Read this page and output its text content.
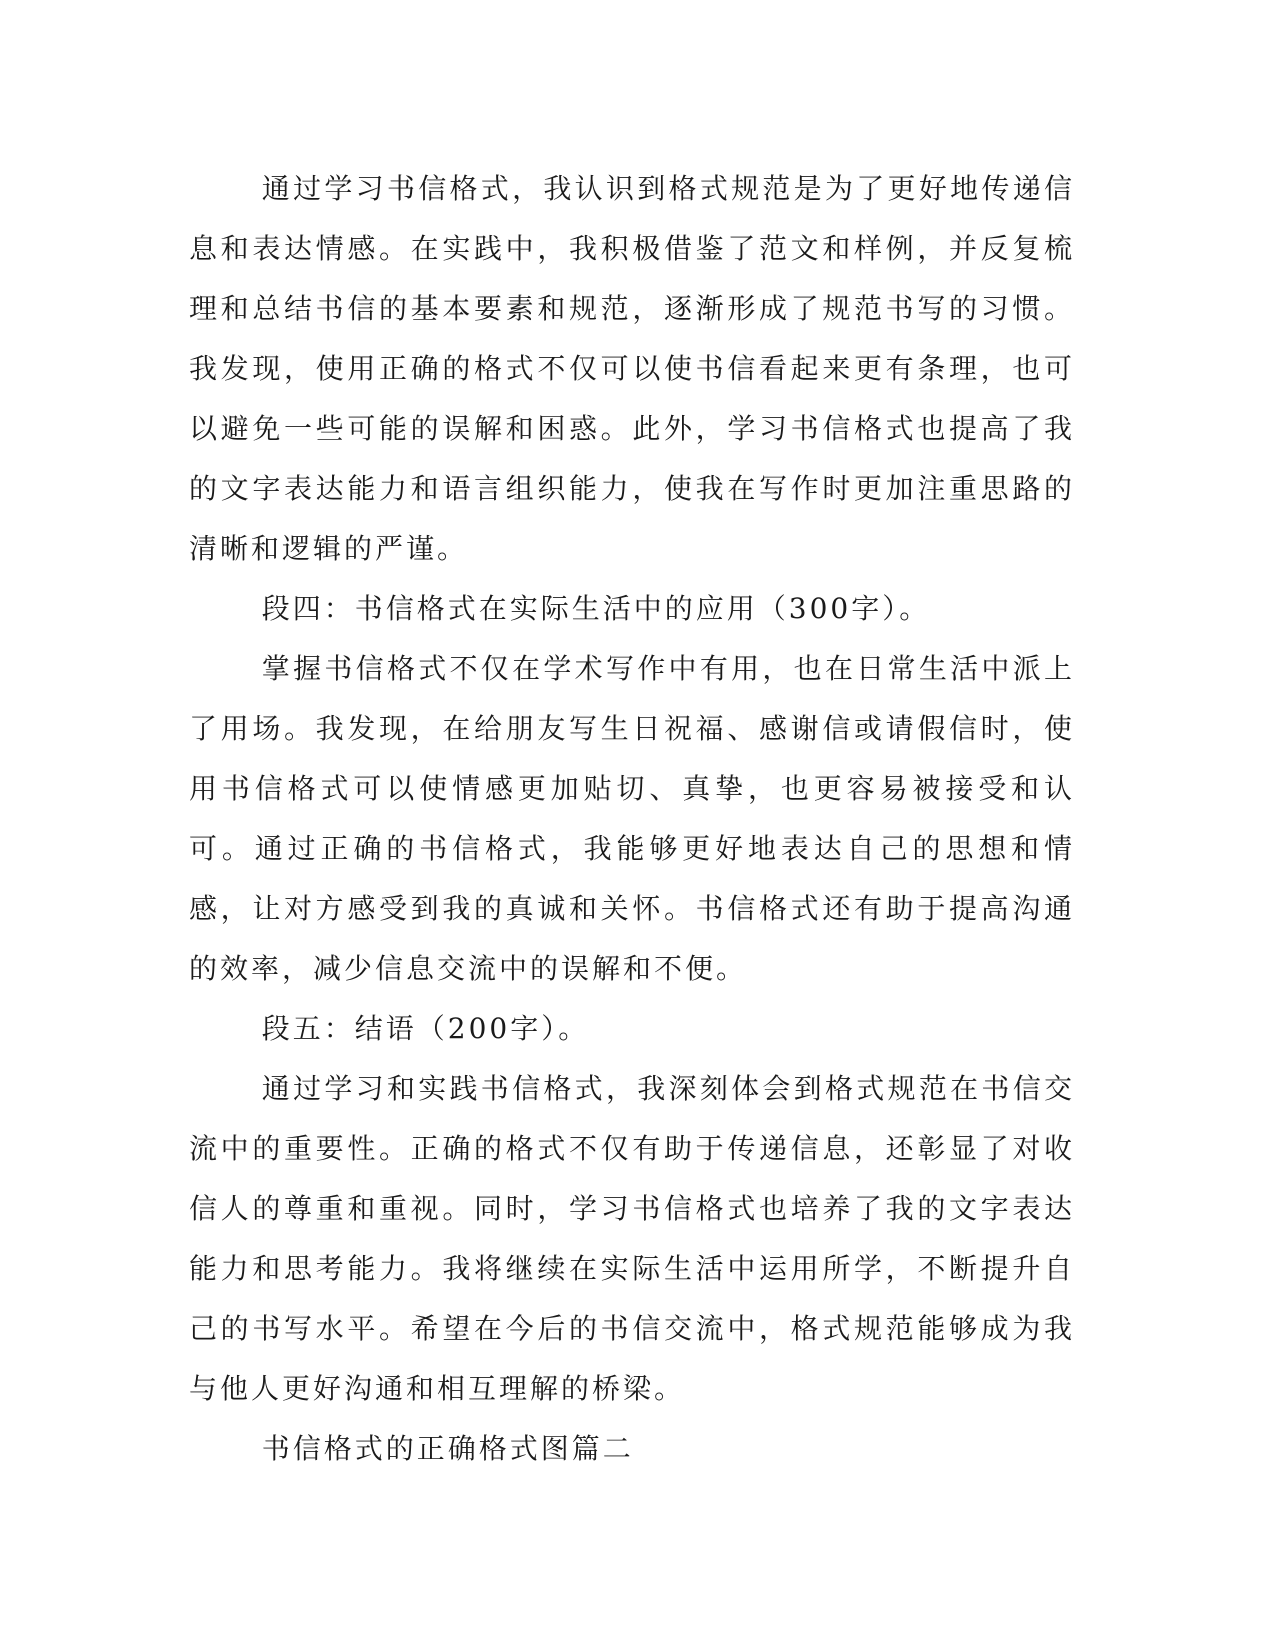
通过学习书信格式，我认识到格式规范是为了更好地传递信息和表达情感。在实践中，我积极借鉴了范文和样例，并反复梳理和总结书信的基本要素和规范，逐渐形成了规范书写的习惯。我发现，使用正确的格式不仅可以使书信看起来更有条理，也可以避免一些可能的误解和困惑。此外，学习书信格式也提高了我的文字表达能力和语言组织能力，使我在写作时更加注重思路的清晰和逻辑的严谨。

段四：书信格式在实际生活中的应用（300字）。

掌握书信格式不仅在学术写作中有用，也在日常生活中派上了用场。我发现，在给朋友写生日祝福、感谢信或请假信时，使用书信格式可以使情感更加贴切、真挚，也更容易被接受和认可。通过正确的书信格式，我能够更好地表达自己的思想和情感，让对方感受到我的真诚和关怀。书信格式还有助于提高沟通的效率，减少信息交流中的误解和不便。

段五：结语（200字）。

通过学习和实践书信格式，我深刻体会到格式规范在书信交流中的重要性。正确的格式不仅有助于传递信息，还彰显了对收信人的尊重和重视。同时，学习书信格式也培养了我的文字表达能力和思考能力。我将继续在实际生活中运用所学，不断提升自己的书写水平。希望在今后的书信交流中，格式规范能够成为我与他人更好沟通和相互理解的桥梁。

书信格式的正确格式图篇二
